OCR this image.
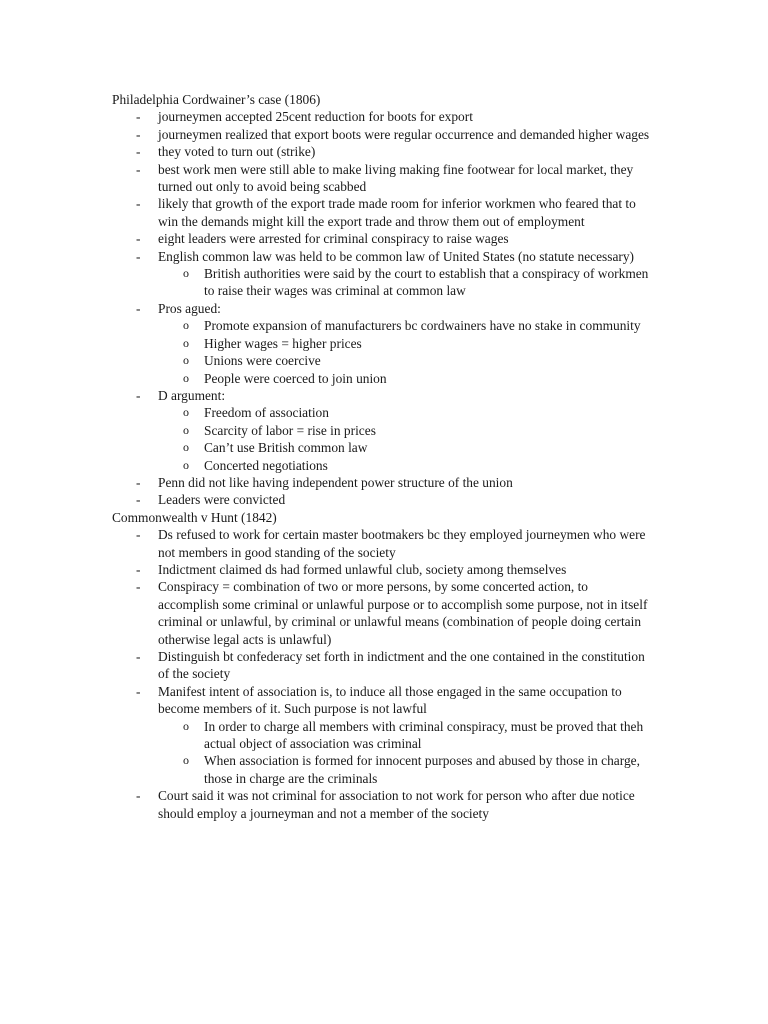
Philadelphia Cordwainer’s case (1806)
- journeymen accepted 25cent reduction for boots for export
- journeymen realized that export boots were regular occurrence and demanded higher wages
- they voted to turn out (strike)
- best work men were still able to make living making fine footwear for local market, they turned out only to avoid being scabbed
- likely that growth of the export trade made room for inferior workmen who feared that to win the demands might kill the export trade and throw them out of employment
- eight leaders were arrested for criminal conspiracy to raise wages
- English common law was held to be common law of United States (no statute necessary)
o British authorities were said by the court to establish that a conspiracy of workmen to raise their wages was criminal at common law
- Pros agued:
o Promote expansion of manufacturers bc cordwainers have no stake in community
o Higher wages = higher prices
o Unions were coercive
o People were coerced to join union
- D argument:
o Freedom of association
o Scarcity of labor = rise in prices
o Can’t use British common law
o Concerted negotiations
- Penn did not like having independent power structure of the union
- Leaders were convicted
Commonwealth v Hunt (1842)
- Ds refused to work for certain master bootmakers bc they employed journeymen who were not members in good standing of the society
- Indictment claimed ds had formed unlawful club, society among themselves
- Conspiracy = combination of two or more persons, by some concerted action, to accomplish some criminal or unlawful purpose or to accomplish some purpose, not in itself criminal or unlawful, by criminal or unlawful means (combination of people doing certain otherwise legal acts is unlawful)
- Distinguish bt confederacy set forth in indictment and the one contained in the constitution of the society
- Manifest intent of association is, to induce all those engaged in the same occupation to become members of it. Such purpose is not lawful
o In order to charge all members with criminal conspiracy, must be proved that theh actual object of association was criminal
o When association is formed for innocent purposes and abused by those in charge, those in charge are the criminals
- Court said it was not criminal for association to not work for person who after due notice should employ a journeyman and not a member of the society
